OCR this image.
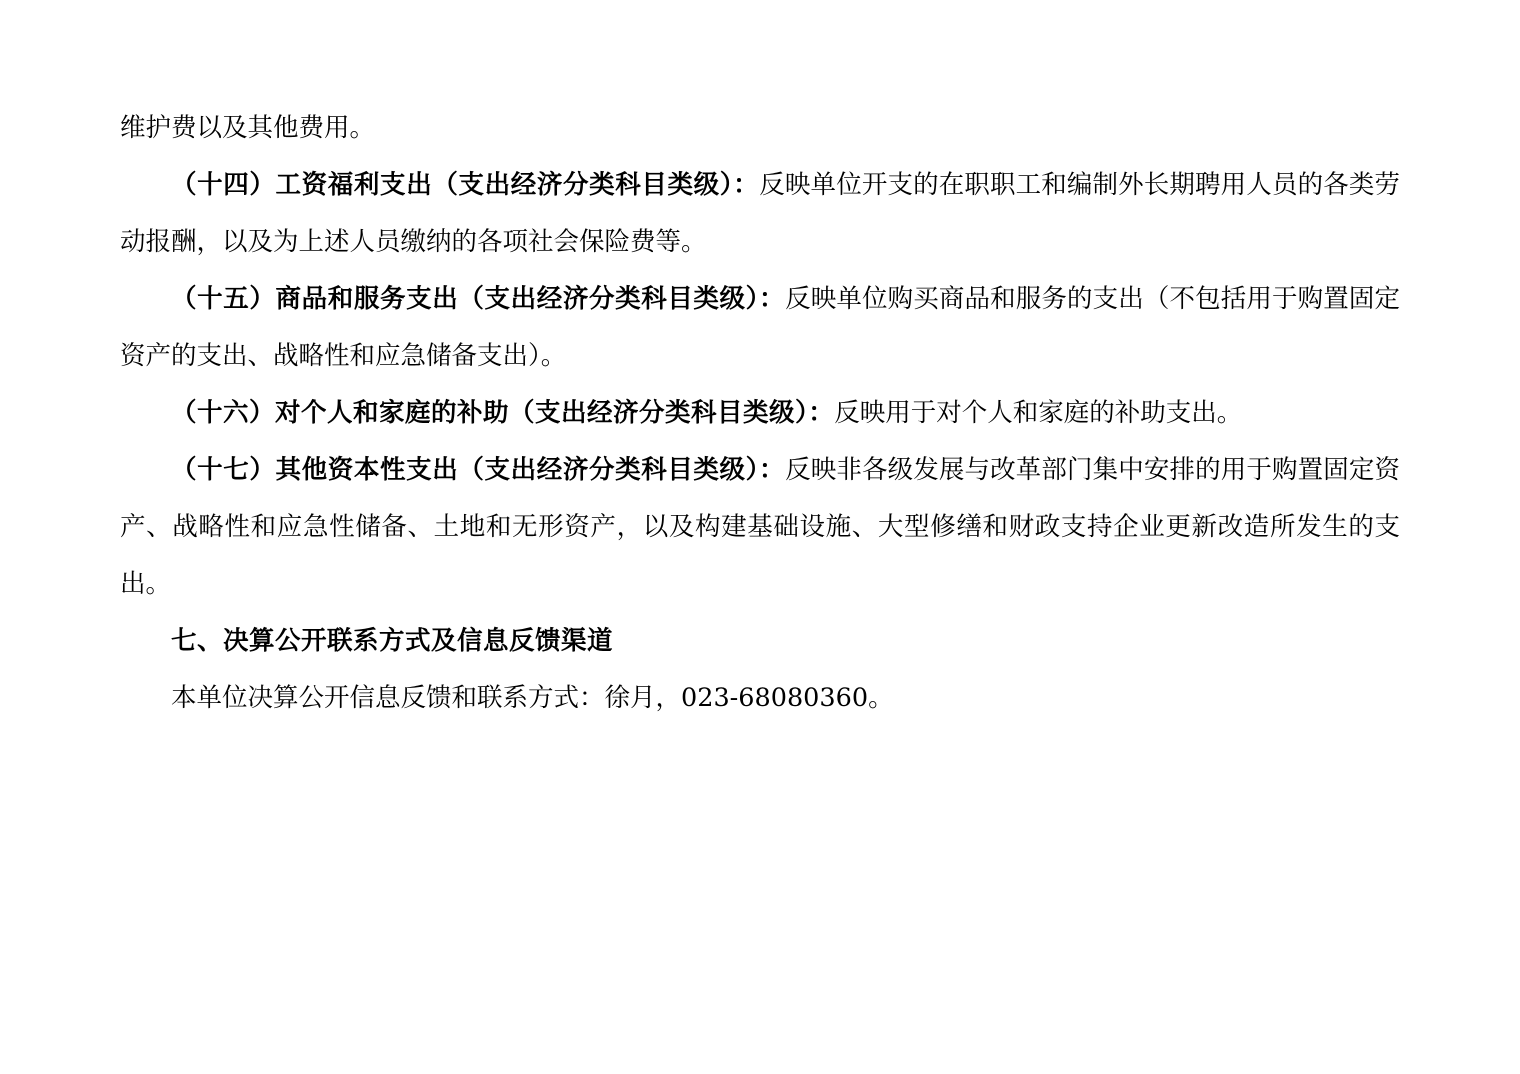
维护费以及其他费用。

（十四）工资福利支出（支出经济分类科目类级）：反映单位开支的在职职工和编制外长期聘用人员的各类劳动报酬，以及为上述人员缴纳的各项社会保险费等。

（十五）商品和服务支出（支出经济分类科目类级）：反映单位购买商品和服务的支出（不包括用于购置固定资产的支出、战略性和应急储备支出）。

（十六）对个人和家庭的补助（支出经济分类科目类级）：反映用于对个人和家庭的补助支出。

（十七）其他资本性支出（支出经济分类科目类级）：反映非各级发展与改革部门集中安排的用于购置固定资产、战略性和应急性储备、土地和无形资产，以及构建基础设施、大型修缮和财政支持企业更新改造所发生的支出。

七、决算公开联系方式及信息反馈渠道

本单位决算公开信息反馈和联系方式：徐月，023-68080360。
